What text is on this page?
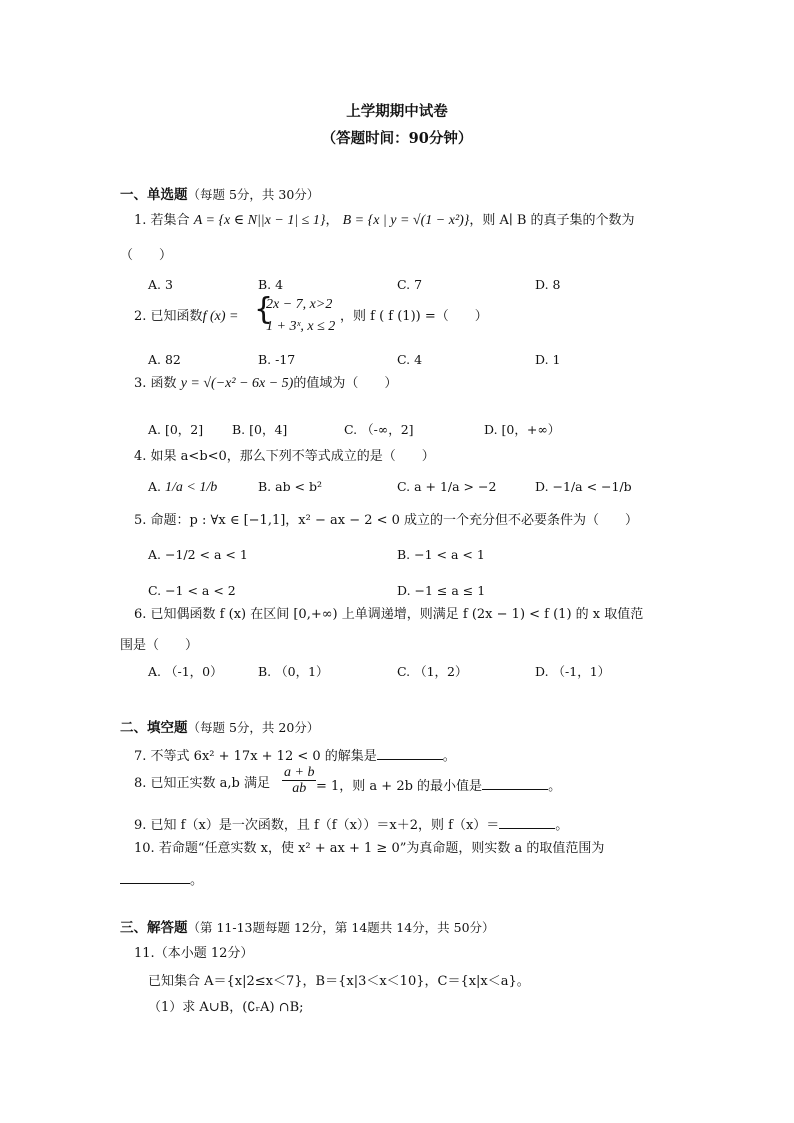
上学期期中试卷
（答题时间：90分钟）
一、单选题（每题 5分，共 30分）
1. 若集合 A = {x ∈ N||x − 1| ≤ 1}， B = {x | y = √(1 − x²)}，则 A∣ B 的真子集的个数为
（　　）
A. 3	B. 4	C. 7	D. 8
2. 已知函数f (x) = {
2x − 7, x>2
1 + 3ˣ, x ≤ 2
，则 f ( f (1)) =（　　）
A. 82	B. -17	C. 4	D. 1
3. 函数 y = √(−x² − 6x − 5)的值域为（　　）
A. [0，2] B. [0，4]	C. （-∞，2]	D. [0，+∞）
4. 如果 a<b<0，那么下列不等式成立的是（　　）
A. 1/a < 1/b	B. ab < b²	C. a + 1/a > −2	D. −1/a < −1/b
5. 命题：p : ∀x ∈ [−1,1]，x² − ax − 2 < 0 成立的一个充分但不必要条件为（　　）
A. −1/2 < a < 1	B. −1 < a < 1
C. −1 < a < 2	D. −1 ≤ a ≤ 1
6. 已知偶函数 f (x) 在区间 [0,+∞) 上单调递增，则满足 f (2x − 1) < f (1) 的 x 取值范
围是（　　）
A. （-1，0）	B. （0，1）	C. （1，2）	D. （-1，1）
二、填空题（每题 5分，共 20分）
7. 不等式 6x² + 17x + 12 < 0 的解集是	。
8. 已知正实数 a,b 满足 $\frac{a + b}{ab} = 1$，则 a + 2b 的最小值是	。
9. 已知 f（x）是一次函数，且 f（f（x））＝x＋2，则 f（x）＝	。
10. 若命题“任意实数 x，使 x² + ax + 1 ≥ 0”为真命题，则实数 a 的取值范围为
。
三、解答题（第 11-13题每题 12分，第 14题共 14分，共 50分）
11.（本小题 12分）
已知集合 A＝{x|2≤x＜7}，B＝{x|3＜x＜10}，C＝{x|x＜a}。
（1）求 A∪B，(∁ᵣA) ∩B;
